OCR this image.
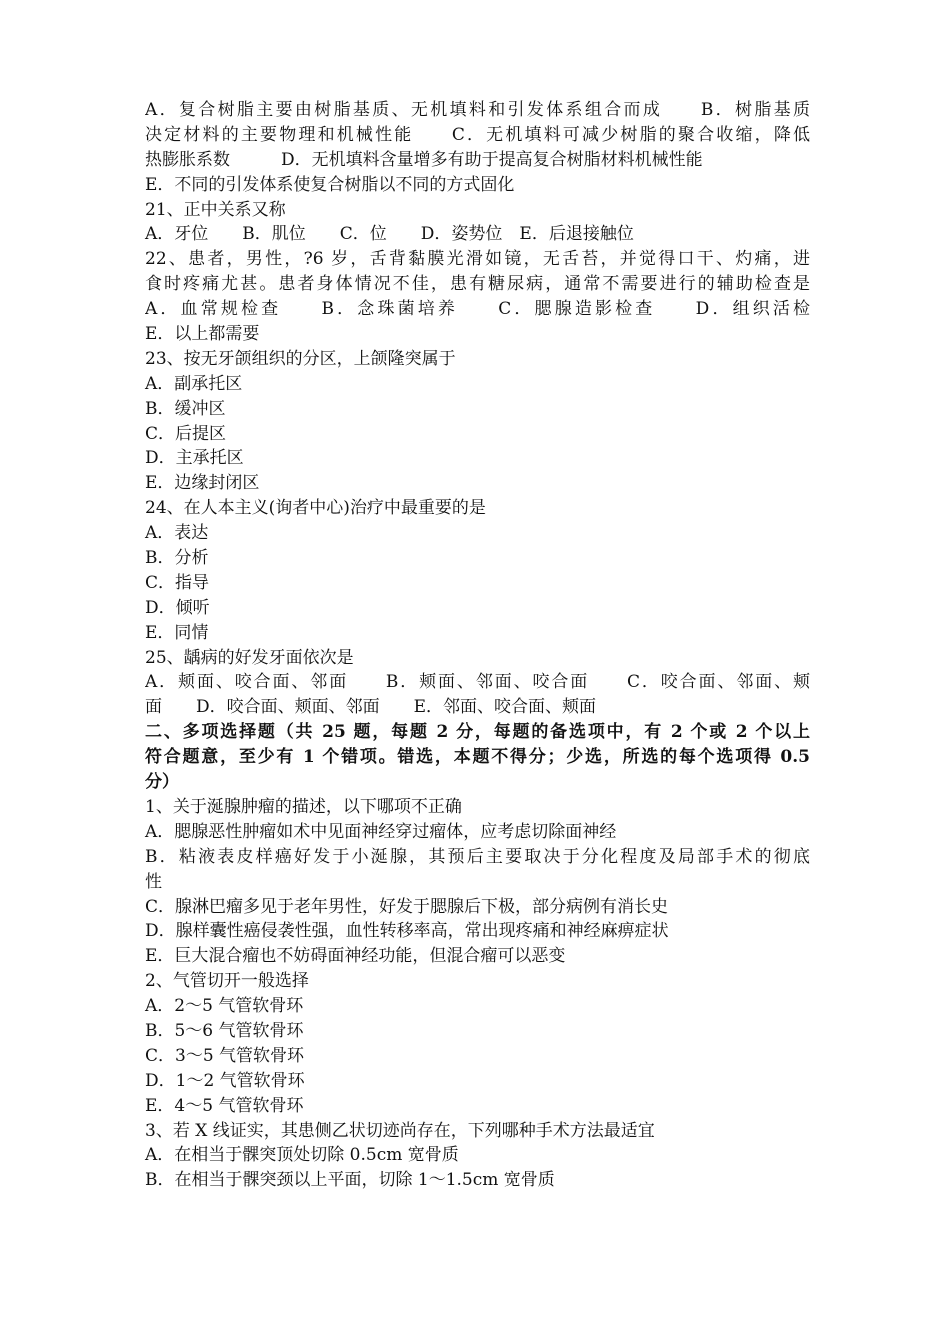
A．复合树脂主要由树脂基质、无机填料和引发体系组合而成　　B．树脂基质
决定材料的主要物理和机械性能　　C．无机填料可减少树脂的聚合收缩，降低
热膨胀系数　　　D．无机填料含量增多有助于提高复合树脂材料机械性能
E．不同的引发体系使复合树脂以不同的方式固化
21、正中关系又称
A．牙位　　B．肌位　　C．位　　D．姿势位　E．后退接触位
22、患者，男性，?6 岁，舌背黏膜光滑如镜，无舌苔，并觉得口干、灼痛，进
食时疼痛尤甚。患者身体情况不佳，患有糖尿病，通常不需要进行的辅助检查是
A．血常规检查　　B．念珠菌培养　　C．腮腺造影检查　　D．组织活检
E．以上都需要
23、按无牙颌组织的分区，上颌隆突属于
A．副承托区
B．缓冲区
C．后提区
D．主承托区
E．边缘封闭区
24、在人本主义(询者中心)治疗中最重要的是
A．表达
B．分析
C．指导
D．倾听
E．同情
25、龋病的好发牙面依次是
A．颊面、咬合面、邻面　　B．颊面、邻面、咬合面　　C．咬合面、邻面、颊
面　　D．咬合面、颊面、邻面　　E．邻面、咬合面、颊面
二、多项选择题（共 25 题，每题 2 分，每题的备选项中，有 2 个或 2 个以上
符合题意，至少有 1 个错项。错选，本题不得分；少选，所选的每个选项得 0.5
分）
1、关于涎腺肿瘤的描述，以下哪项不正确
A．腮腺恶性肿瘤如术中见面神经穿过瘤体，应考虑切除面神经
B．粘液表皮样癌好发于小涎腺，其预后主要取决于分化程度及局部手术的彻底
性
C．腺淋巴瘤多见于老年男性，好发于腮腺后下极，部分病例有消长史
D．腺样囊性癌侵袭性强，血性转移率高，常出现疼痛和神经麻痹症状
E．巨大混合瘤也不妨碍面神经功能，但混合瘤可以恶变
2、气管切开一般选择
A．2～5 气管软骨环
B．5～6 气管软骨环
C．3～5 气管软骨环
D．1～2 气管软骨环
E．4～5 气管软骨环
3、若 X 线证实，其患侧乙状切迹尚存在，下列哪种手术方法最适宜
A．在相当于髁突顶处切除 0.5cm 宽骨质
B．在相当于髁突颈以上平面，切除 1～1.5cm 宽骨质
